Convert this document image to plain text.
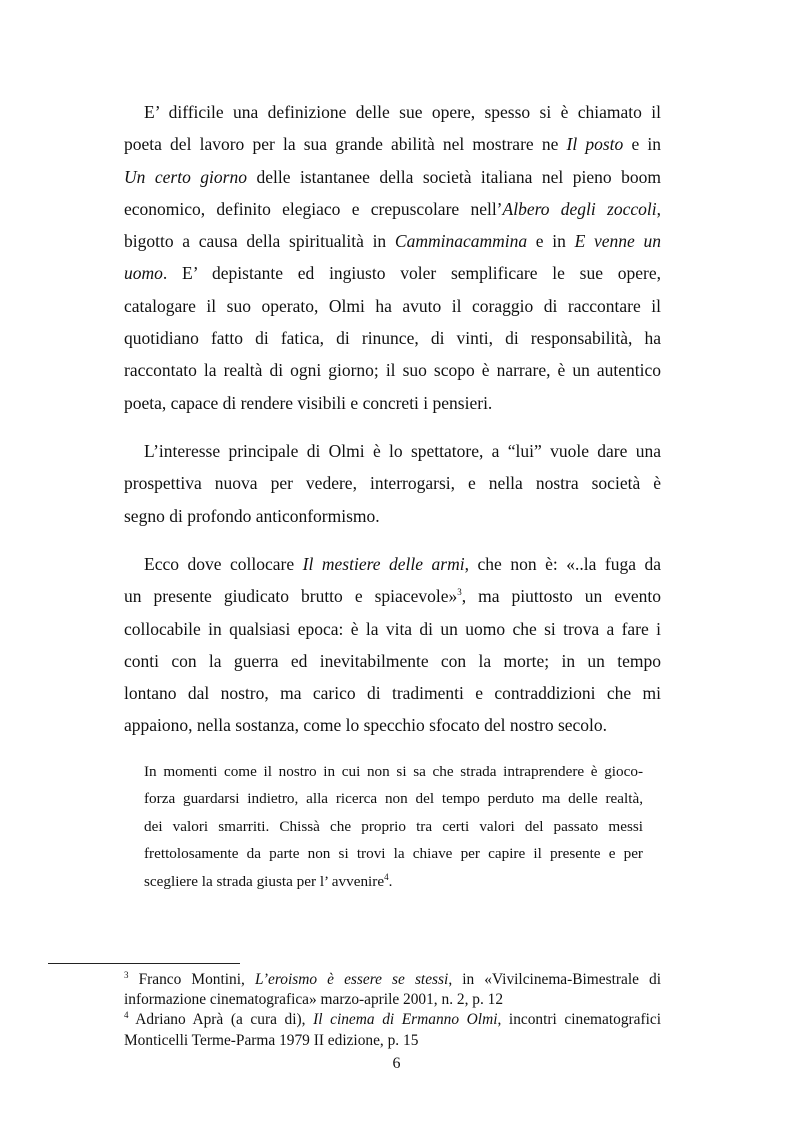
E’ difficile una definizione delle sue opere, spesso si è chiamato il
poeta del lavoro per la sua grande abilità nel mostrare ne Il posto e in
Un certo giorno delle istantanee della società italiana nel pieno boom
economico, definito elegiaco e crepuscolare nell’Albero degli zoccoli,
bigotto a causa della spiritualità in Camminacammina e in E venne un
uomo. E’ depistante ed ingiusto voler semplificare le sue opere,
catalogare il suo operato, Olmi ha avuto il coraggio di raccontare il
quotidiano fatto di fatica, di rinunce, di vinti, di responsabilità, ha
raccontato la realtà di ogni giorno; il suo scopo è narrare, è un autentico
poeta, capace di rendere visibili e concreti i pensieri.
L’interesse principale di Olmi è lo spettatore, a “lui” vuole dare una
prospettiva nuova per vedere, interrogarsi, e nella nostra società è
segno di profondo anticonformismo.
Ecco dove collocare Il mestiere delle armi, che non è: «..la fuga da
un presente giudicato brutto e spiacevole»$^3$, ma piuttosto un evento
collocabile in qualsiasi epoca: è la vita di un uomo che si trova a fare i
conti con la guerra ed inevitabilmente con la morte; in un tempo
lontano dal nostro, ma carico di tradimenti e contraddizioni che mi
appaiono, nella sostanza, come lo specchio sfocato del nostro secolo.
In momenti come il nostro in cui non si sa che strada intraprendere è gioco-
forza guardarsi indietro, alla ricerca non del tempo perduto ma delle realtà,
dei valori smarriti. Chissà che proprio tra certi valori del passato messi
frettolosamente da parte non si trovi la chiave per capire il presente e per
scegliere la strada giusta per l’ avvenire$^4$.
$^3$ Franco Montini, L’eroismo è essere se stessi, in «Vivilcinema-Bimestrale di
informazione cinematografica» marzo-aprile 2001, n. 2, p. 12
$^4$ Adriano Aprà (a cura di), Il cinema di Ermanno Olmi, incontri cinematografici
Monticelli Terme-Parma 1979 II edizione, p. 15
6
